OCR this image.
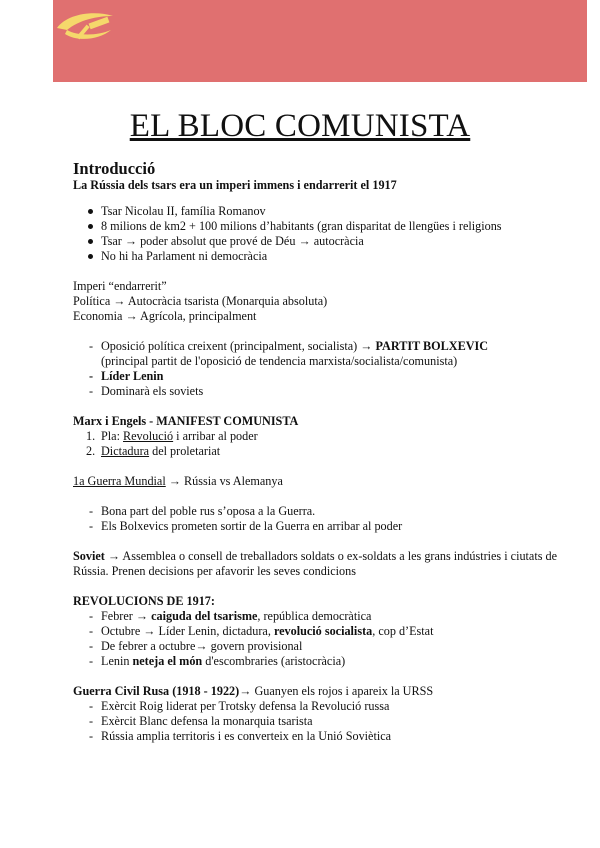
EL BLOC COMUNISTA
Introducció
La Rússia dels tsars era un imperi immens i endarrerit el 1917
Tsar Nicolau II, família Romanov
8 milions de km2 + 100 milions d’habitants (gran disparitat de llengües i religions
Tsar → poder absolut que prové de Déu → autocràcia
No hi ha Parlament ni democràcia

Imperi “endarrerit”

Política → Autocràcia tsarista (Monarquia absoluta)

Economia → Agrícola, principalment

- Oposició política creixent (principalment, socialista) → PARTIT BOLXEVIC
(principal partit de l'oposició de tendencia marxista/socialista/comunista)
- Líder Lenin
- Dominarà els soviets
Marx i Engels - MANIFEST COMUNISTA
1. Pla: Revolució i arribar al poder
2. Dictadura del proletariat

1a Guerra Mundial → Rússia vs Alemanya

- Bona part del poble rus s’oposa a la Guerra.
- Els Bolxevics prometen sortir de la Guerra en arribar al poder

Soviet → Assemblea o consell de treballadors soldats o ex-soldats a les grans indústries i ciutats de Rússia. Prenen decisions per afavorir les seves condicions

REVOLUCIONS DE 1917:
- Febrer → caiguda del tsarisme, república democràtica
- Octubre → Líder Lenin, dictadura, revolució socialista, cop d’Estat
- De febrer a octubre→ govern provisional
- Lenin neteja el món d'escombraries (aristocràcia)

Guerra Civil Rusa (1918 - 1922)→ Guanyen els rojos i apareix la URSS

- Exèrcit Roig liderat per Trotsky defensa la Revolució russa
- Exèrcit Blanc defensa la monarquia tsarista
- Rússia amplia territoris i es converteix en la Unió Soviètica
